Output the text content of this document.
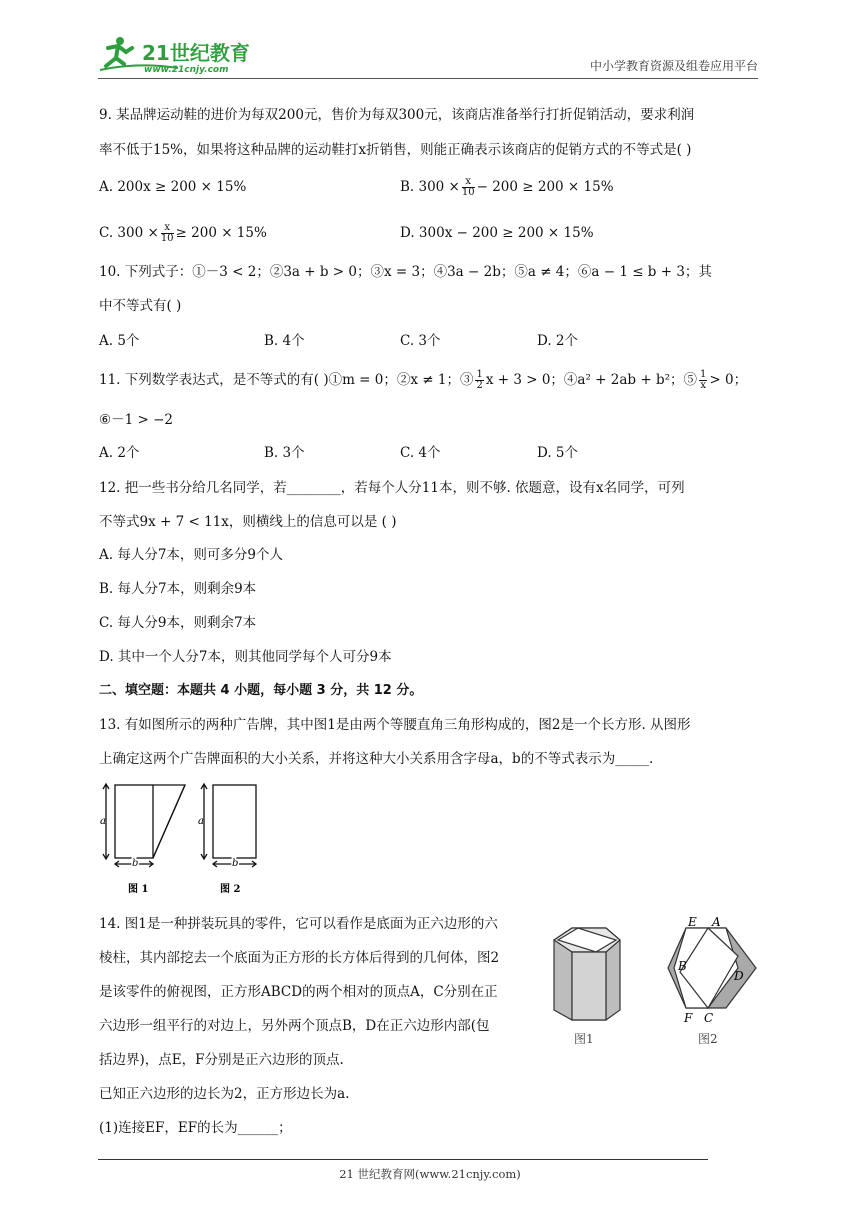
21世纪教育
www.21cnjy.com	中小学教育资源及组卷应用平台
9. 某品牌运动鞋的进价为每双200元，售价为每双300元，该商店准备举行打折促销活动，要求利润
率不低于15%，如果将这种品牌的运动鞋打x折销售，则能正确表示该商店的促销方式的不等式是( )
A. 200x ≥ 200 × 15%	B. $300 \times \frac{x}{10} - 200 \ge 200 \times 15\%$
C. $300 \times \frac{x}{10} \ge 200 \times 15\%$	D. 300x − 200 ≥ 200 × 15%
10. 下列式子：①－3 < 2；②3a + b > 0；③x = 3；④3a − 2b；⑤a ≠ 4；⑥a − 1 ≤ b + 3；其
中不等式有( )
A. 5个	B. 4个	C. 3个	D. 2个
11. 下列数学表达式，是不等式的有( )①m = 0；②x ≠ 1；③ $\frac{1}{2}$ x + 3 > 0；④a² + 2ab + b²；⑤ $\frac{1}{x} > 0$；
⑥－1 > −2
A. 2个	B. 3个	C. 4个	D. 5个
12. 把一些书分给几名同学，若________，若每个人分11本，则不够. 依题意，设有x名同学，可列
不等式9x + 7 < 11x，则横线上的信息可以是 ( )
A. 每人分7本，则可多分9个人
B. 每人分7本，则剩余9本
C. 每人分9本，则剩余7本
D. 其中一个人分7本，则其他同学每个人可分9本
二、填空题：本题共 4 小题，每小题 3 分，共 12 分。
13. 有如图所示的两种广告牌，其中图1是由两个等腰直角三角形构成的，图2是一个长方形. 从图形
上确定这两个广告牌面积的大小关系，并将这种大小关系用含字母a，b的不等式表示为_____.
a
b
图 1
a
b
图 2
14. 图1是一种拼装玩具的零件，它可以看作是底面为正六边形的六
棱柱，其内部挖去一个底面为正方形的长方体后得到的几何体，图2
是该零件的俯视图，正方形ABCD的两个相对的顶点A，C分别在正
六边形一组平行的对边上，另外两个顶点B，D在正六边形内部(包
括边界)，点E，F分别是正六边形的顶点.
已知正六边形的边长为2，正方形边长为a.
(1)连接EF，EF的长为______；
图1
E A
B
D
F C
图2
21 世纪教育网(www.21cnjy.com)
